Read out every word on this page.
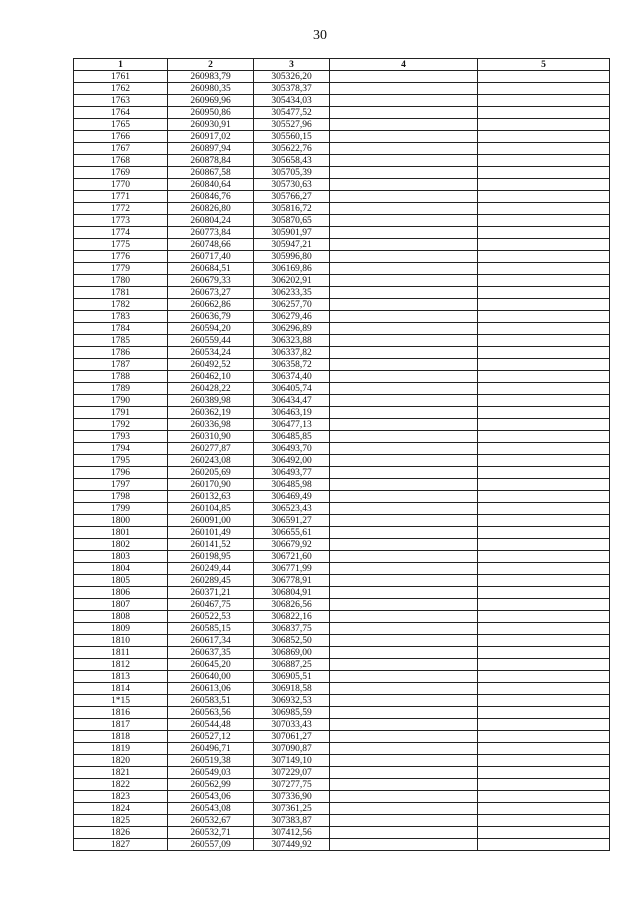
30
1	2	3	4	5
1761	260983,79	305326,20		
1762	260980,35	305378,37		
1763	260969,96	305434,03		
1764	260950,86	305477,52		
1765	260930,91	305527,96		
1766	260917,02	305560,15		
1767	260897,94	305622,76		
1768	260878,84	305658,43		
1769	260867,58	305705,39		
1770	260840,64	305730,63		
1771	260846,76	305766,27		
1772	260826,80	305816,72		
1773	260804,24	305870,65		
1774	260773,84	305901,97		
1775	260748,66	305947,21		
1776	260717,40	305996,80		
1779	260684,51	306169,86		
1780	260679,33	306202,91		
1781	260673,27	306233,35		
1782	260662,86	306257,70		
1783	260636,79	306279,46		
1784	260594,20	306296,89		
1785	260559,44	306323,88		
1786	260534,24	306337,82		
1787	260492,52	306358,72		
1788	260462,10	306374,40		
1789	260428,22	306405,74		
1790	260389,98	306434,47		
1791	260362,19	306463,19		
1792	260336,98	306477,13		
1793	260310,90	306485,85		
1794	260277,87	306493,70		
1795	260243,08	306492,00		
1796	260205,69	306493,77		
1797	260170,90	306485,98		
1798	260132,63	306469,49		
1799	260104,85	306523,43		
1800	260091,00	306591,27		
1801	260101,49	306655,61		
1802	260141,52	306679,92		
1803	260198,95	306721,60		
1804	260249,44	306771,99		
1805	260289,45	306778,91		
1806	260371,21	306804,91		
1807	260467,75	306826,56		
1808	260522,53	306822,16		
1809	260585,15	306837,75		
1810	260617,34	306852,50		
1811	260637,35	306869,00		
1812	260645,20	306887,25		
1813	260640,00	306905,51		
1814	260613,06	306918,58		
1*15	260583,51	306932,53		
1816	260563,56	306985,59		
1817	260544,48	307033,43		
1818	260527,12	307061,27		
1819	260496,71	307090,87		
1820	260519,38	307149,10		
1821	260549,03	307229,07		
1822	260562,99	307277,75		
1823	260543,06	307336,90		
1824	260543,08	307361,25		
1825	260532,67	307383,87		
1826	260532,71	307412,56		
1827	260557,09	307449,92		
